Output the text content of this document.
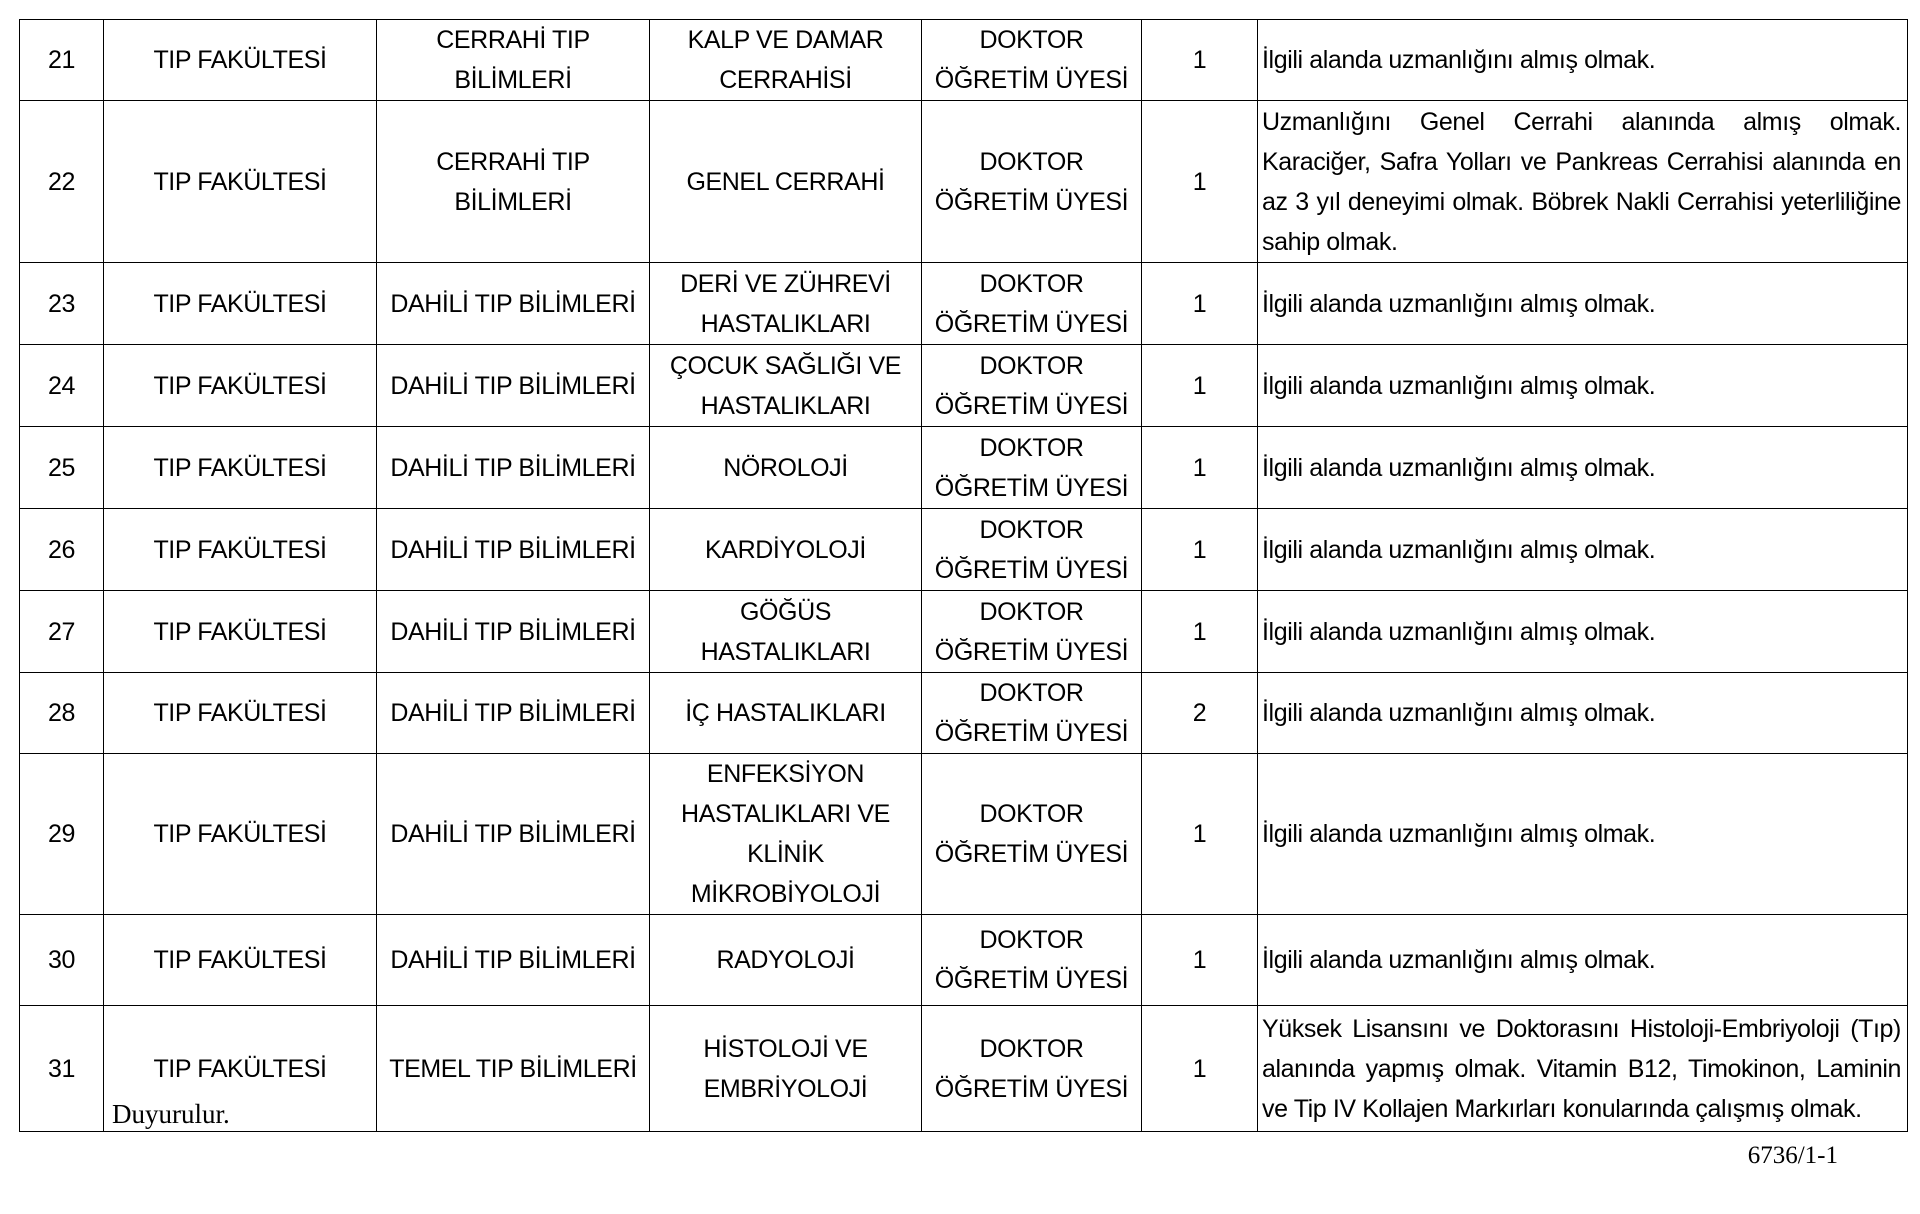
21	TIP FAKÜLTESİ	CERRAHİ TIP BİLİMLERİ	KALP VE DAMAR CERRAHİSİ	DOKTOR ÖĞRETİM ÜYESİ	1	İlgili alanda uzmanlığını almış olmak.
22	TIP FAKÜLTESİ	CERRAHİ TIP BİLİMLERİ	GENEL CERRAHİ	DOKTOR ÖĞRETİM ÜYESİ	1	Uzmanlığını Genel Cerrahi alanında almış olmak. Karaciğer, Safra Yolları ve Pankreas Cerrahisi alanında en az 3 yıl deneyimi olmak. Böbrek Nakli Cerrahisi yeterliliğine sahip olmak.
23	TIP FAKÜLTESİ	DAHİLİ TIP BİLİMLERİ	DERİ VE ZÜHREVİ HASTALIKLARI	DOKTOR ÖĞRETİM ÜYESİ	1	İlgili alanda uzmanlığını almış olmak.
24	TIP FAKÜLTESİ	DAHİLİ TIP BİLİMLERİ	ÇOCUK SAĞLIĞI VE HASTALIKLARI	DOKTOR ÖĞRETİM ÜYESİ	1	İlgili alanda uzmanlığını almış olmak.
25	TIP FAKÜLTESİ	DAHİLİ TIP BİLİMLERİ	NÖROLOJİ	DOKTOR ÖĞRETİM ÜYESİ	1	İlgili alanda uzmanlığını almış olmak.
26	TIP FAKÜLTESİ	DAHİLİ TIP BİLİMLERİ	KARDİYOLOJİ	DOKTOR ÖĞRETİM ÜYESİ	1	İlgili alanda uzmanlığını almış olmak.
27	TIP FAKÜLTESİ	DAHİLİ TIP BİLİMLERİ	GÖĞÜS HASTALIKLARI	DOKTOR ÖĞRETİM ÜYESİ	1	İlgili alanda uzmanlığını almış olmak.
28	TIP FAKÜLTESİ	DAHİLİ TIP BİLİMLERİ	İÇ HASTALIKLARI	DOKTOR ÖĞRETİM ÜYESİ	2	İlgili alanda uzmanlığını almış olmak.
29	TIP FAKÜLTESİ	DAHİLİ TIP BİLİMLERİ	ENFEKSİYON HASTALIKLARI VE KLİNİK MİKROBİYOLOJİ	DOKTOR ÖĞRETİM ÜYESİ	1	İlgili alanda uzmanlığını almış olmak.
30	TIP FAKÜLTESİ	DAHİLİ TIP BİLİMLERİ	RADYOLOJİ	DOKTOR ÖĞRETİM ÜYESİ	1	İlgili alanda uzmanlığını almış olmak.
31	TIP FAKÜLTESİ	TEMEL TIP BİLİMLERİ	HİSTOLOJİ VE EMBRİYOLOJİ	DOKTOR ÖĞRETİM ÜYESİ	1	Yüksek Lisansını ve Doktorasını Histoloji-Embriyoloji (Tıp) alanında yapmış olmak. Vitamin B12, Timokinon, Laminin ve Tip IV Kollajen Markırları konularında çalışmış olmak.
Duyurulur.
6736/1-1
